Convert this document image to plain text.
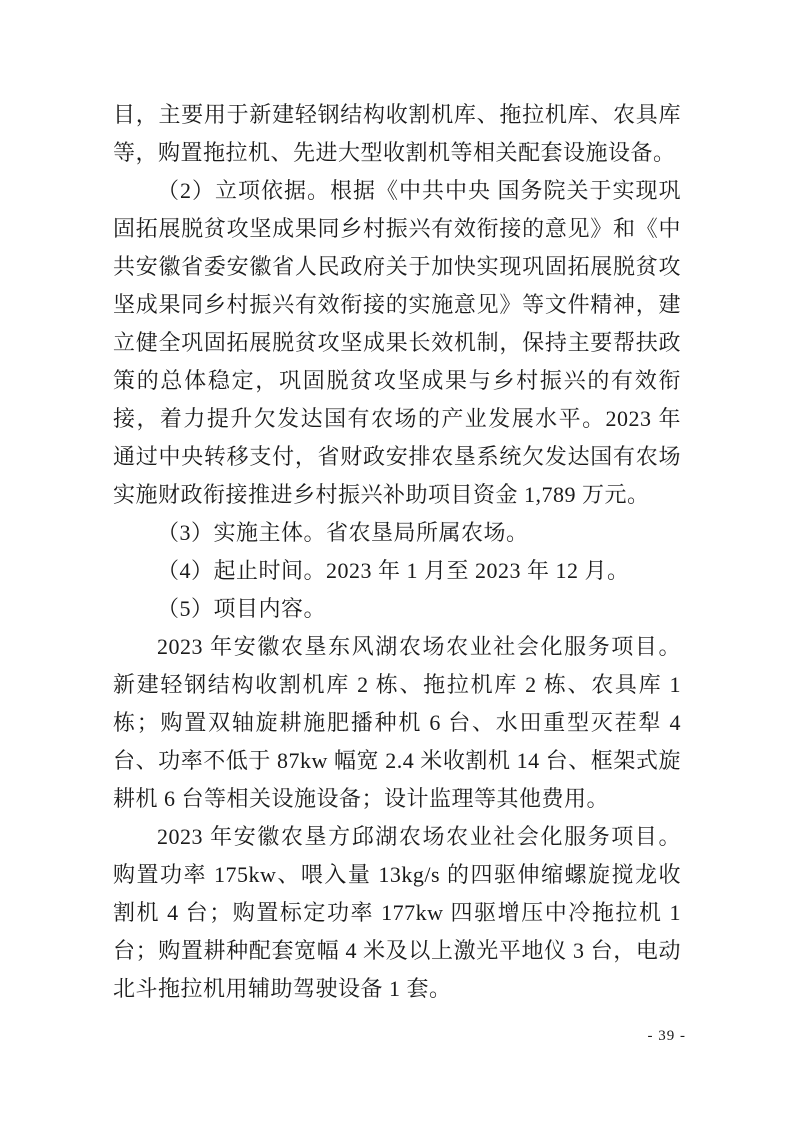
目，主要用于新建轻钢结构收割机库、拖拉机库、农具库等，购置拖拉机、先进大型收割机等相关配套设施设备。

（2）立项依据。根据《中共中央 国务院关于实现巩固拓展脱贫攻坚成果同乡村振兴有效衔接的意见》和《中共安徽省委安徽省人民政府关于加快实现巩固拓展脱贫攻坚成果同乡村振兴有效衔接的实施意见》等文件精神，建立健全巩固拓展脱贫攻坚成果长效机制，保持主要帮扶政策的总体稳定，巩固脱贫攻坚成果与乡村振兴的有效衔接，着力提升欠发达国有农场的产业发展水平。2023 年通过中央转移支付，省财政安排农垦系统欠发达国有农场实施财政衔接推进乡村振兴补助项目资金 1,789 万元。

（3）实施主体。省农垦局所属农场。

（4）起止时间。2023 年 1 月至 2023 年 12 月。

（5）项目内容。

2023 年安徽农垦东风湖农场农业社会化服务项目。新建轻钢结构收割机库 2 栋、拖拉机库 2 栋、农具库 1 栋；购置双轴旋耕施肥播种机 6 台、水田重型灭茬犁 4 台、功率不低于 87kw 幅宽 2.4 米收割机 14 台、框架式旋耕机 6 台等相关设施设备；设计监理等其他费用。

2023 年安徽农垦方邱湖农场农业社会化服务项目。购置功率 175kw、喂入量 13kg/s 的四驱伸缩螺旋搅龙收割机 4 台；购置标定功率 177kw 四驱增压中冷拖拉机 1 台；购置耕种配套宽幅 4 米及以上激光平地仪 3 台，电动北斗拖拉机用辅助驾驶设备 1 套。

- 39 -
